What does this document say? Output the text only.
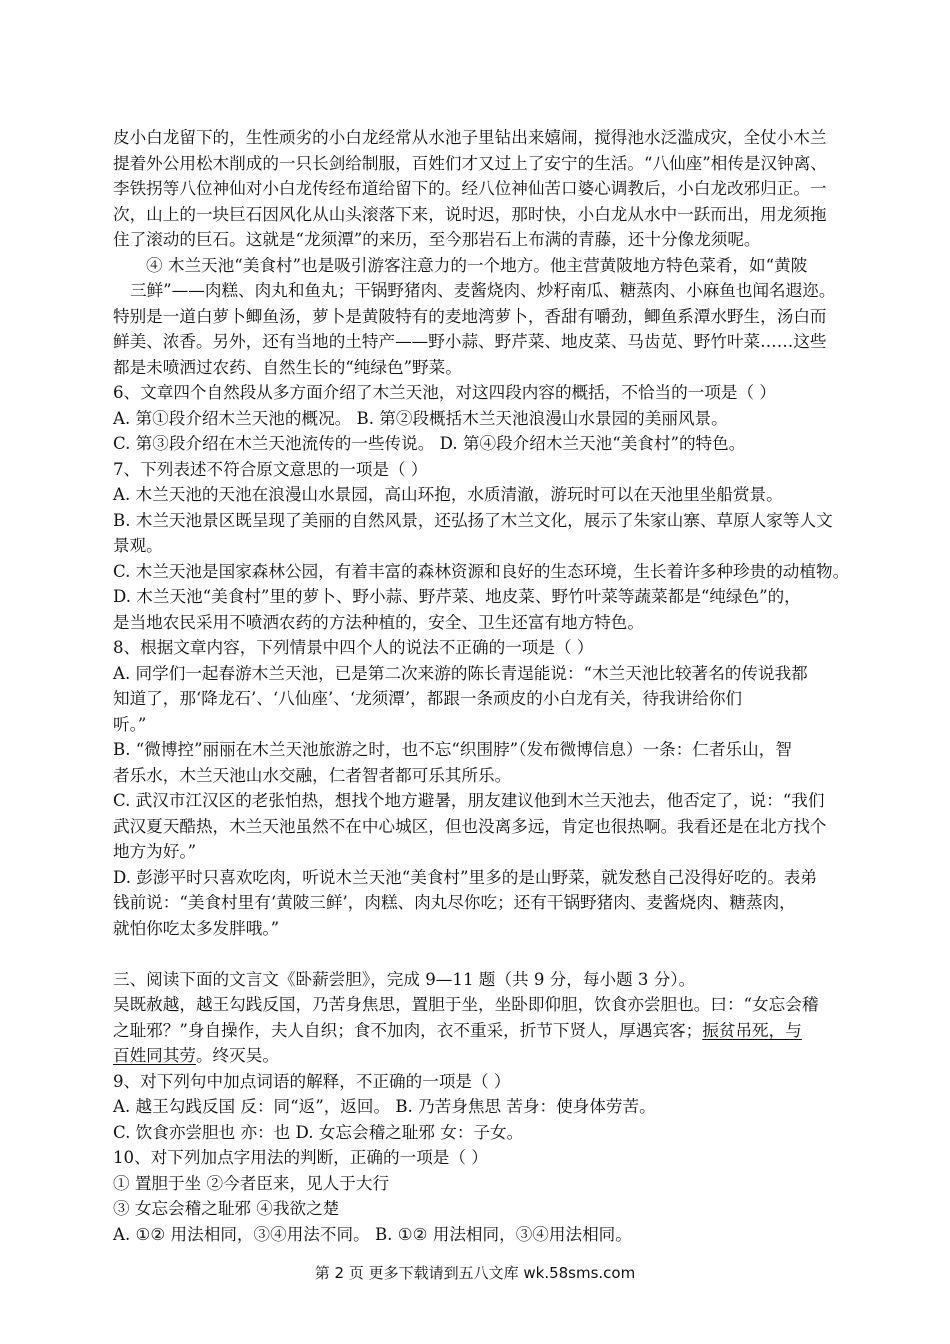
皮小白龙留下的，生性顽劣的小白龙经常从水池子里钻出来嬉闹，搅得池水泛滥成灾，全仗小木兰
提着外公用松木削成的一只长剑给制服，百姓们才又过上了安宁的生活。“八仙座”相传是汉钟离、
李铁拐等八位神仙对小白龙传经布道给留下的。经八位神仙苦口婆心调教后，小白龙改邪归正。一
次，山上的一块巨石因风化从山头滚落下来，说时迟，那时快，小白龙从水中一跃而出，用龙须拖
住了滚动的巨石。这就是“龙须潭”的来历，至今那岩石上布满的青藤，还十分像龙须呢。
④ 木兰天池“美食村”也是吸引游客注意力的一个地方。他主营黄陂地方特色菜肴，如“黄陂
三鲜”——肉糕、肉丸和鱼丸；干锅野猪肉、麦酱烧肉、炒籽南瓜、糖蒸肉、小麻鱼也闻名遐迩。
特别是一道白萝卜鲫鱼汤，萝卜是黄陂特有的麦地湾萝卜，香甜有嚼劲，鲫鱼系潭水野生，汤白而
鲜美、浓香。另外，还有当地的土特产——野小蒜、野芹菜、地皮菜、马齿苋、野竹叶菜……这些
都是未喷洒过农药、自然生长的“纯绿色”野菜。
6、文章四个自然段从多方面介绍了木兰天池，对这四段内容的概括，不恰当的一项是（ ）
A. 第①段介绍木兰天池的概况。 B. 第②段概括木兰天池浪漫山水景园的美丽风景。
C. 第③段介绍在木兰天池流传的一些传说。 D. 第④段介绍木兰天池“美食村”的特色。
7、下列表述不符合原文意思的一项是（ ）
A. 木兰天池的天池在浪漫山水景园，高山环抱，水质清澈，游玩时可以在天池里坐船赏景。
B. 木兰天池景区既呈现了美丽的自然风景，还弘扬了木兰文化，展示了朱家山寨、草原人家等人文
景观。
C. 木兰天池是国家森林公园，有着丰富的森林资源和良好的生态环境，生长着许多种珍贵的动植物。
D. 木兰天池“美食村”里的萝卜、野小蒜、野芹菜、地皮菜、野竹叶菜等蔬菜都是“纯绿色”的，
是当地农民采用不喷洒农药的方法种植的，安全、卫生还富有地方特色。
8、根据文章内容，下列情景中四个人的说法不正确的一项是（ ）
A. 同学们一起春游木兰天池，已是第二次来游的陈长青逞能说：“木兰天池比较著名的传说我都
知道了，那‘降龙石’、‘八仙座’、‘龙须潭’，都跟一条顽皮的小白龙有关，待我讲给你们
听。”
B. “微博控”丽丽在木兰天池旅游之时，也不忘“织围脖”（发布微博信息）一条：仁者乐山，智
者乐水，木兰天池山水交融，仁者智者都可乐其所乐。
C. 武汉市江汉区的老张怕热，想找个地方避暑，朋友建议他到木兰天池去，他否定了，说：“我们
武汉夏天酷热，木兰天池虽然不在中心城区，但也没离多远，肯定也很热啊。我看还是在北方找个
地方为好。”
D. 彭澎平时只喜欢吃肉，听说木兰天池“美食村”里多的是山野菜，就发愁自己没得好吃的。表弟
钱前说：“美食村里有‘黄陂三鲜’，肉糕、肉丸尽你吃；还有干锅野猪肉、麦酱烧肉、糖蒸肉，
就怕你吃太多发胖哦。”
三、阅读下面的文言文《卧薪尝胆》，完成 9—11 题（共 9 分，每小题 3 分）。
吴既赦越，越王勾践反国，乃苦身焦思，置胆于坐，坐卧即仰胆，饮食亦尝胆也。曰：“女忘会稽
之耻邪？”身自操作，夫人自织；食不加肉，衣不重采，折节下贤人，厚遇宾客；振贫吊死，与
百姓同其劳。终灭吴。
9、对下列句中加点词语的解释，不正确的一项是（ ）
A. 越王勾践反国 反：同“返”，返回。 B. 乃苦身焦思 苦身：使身体劳苦。
C. 饮食亦尝胆也 亦：也 D. 女忘会稽之耻邪 女：子女。
10、对下列加点字用法的判断，正确的一项是（ ）
① 置胆于坐 ②今者臣来，见人于大行
③ 女忘会稽之耻邪 ④我欲之楚
A. ①② 用法相同，③④用法不同。 B. ①② 用法相同，③④用法相同。
第 2 页 更多下载请到五八文库 wk.58sms.com
